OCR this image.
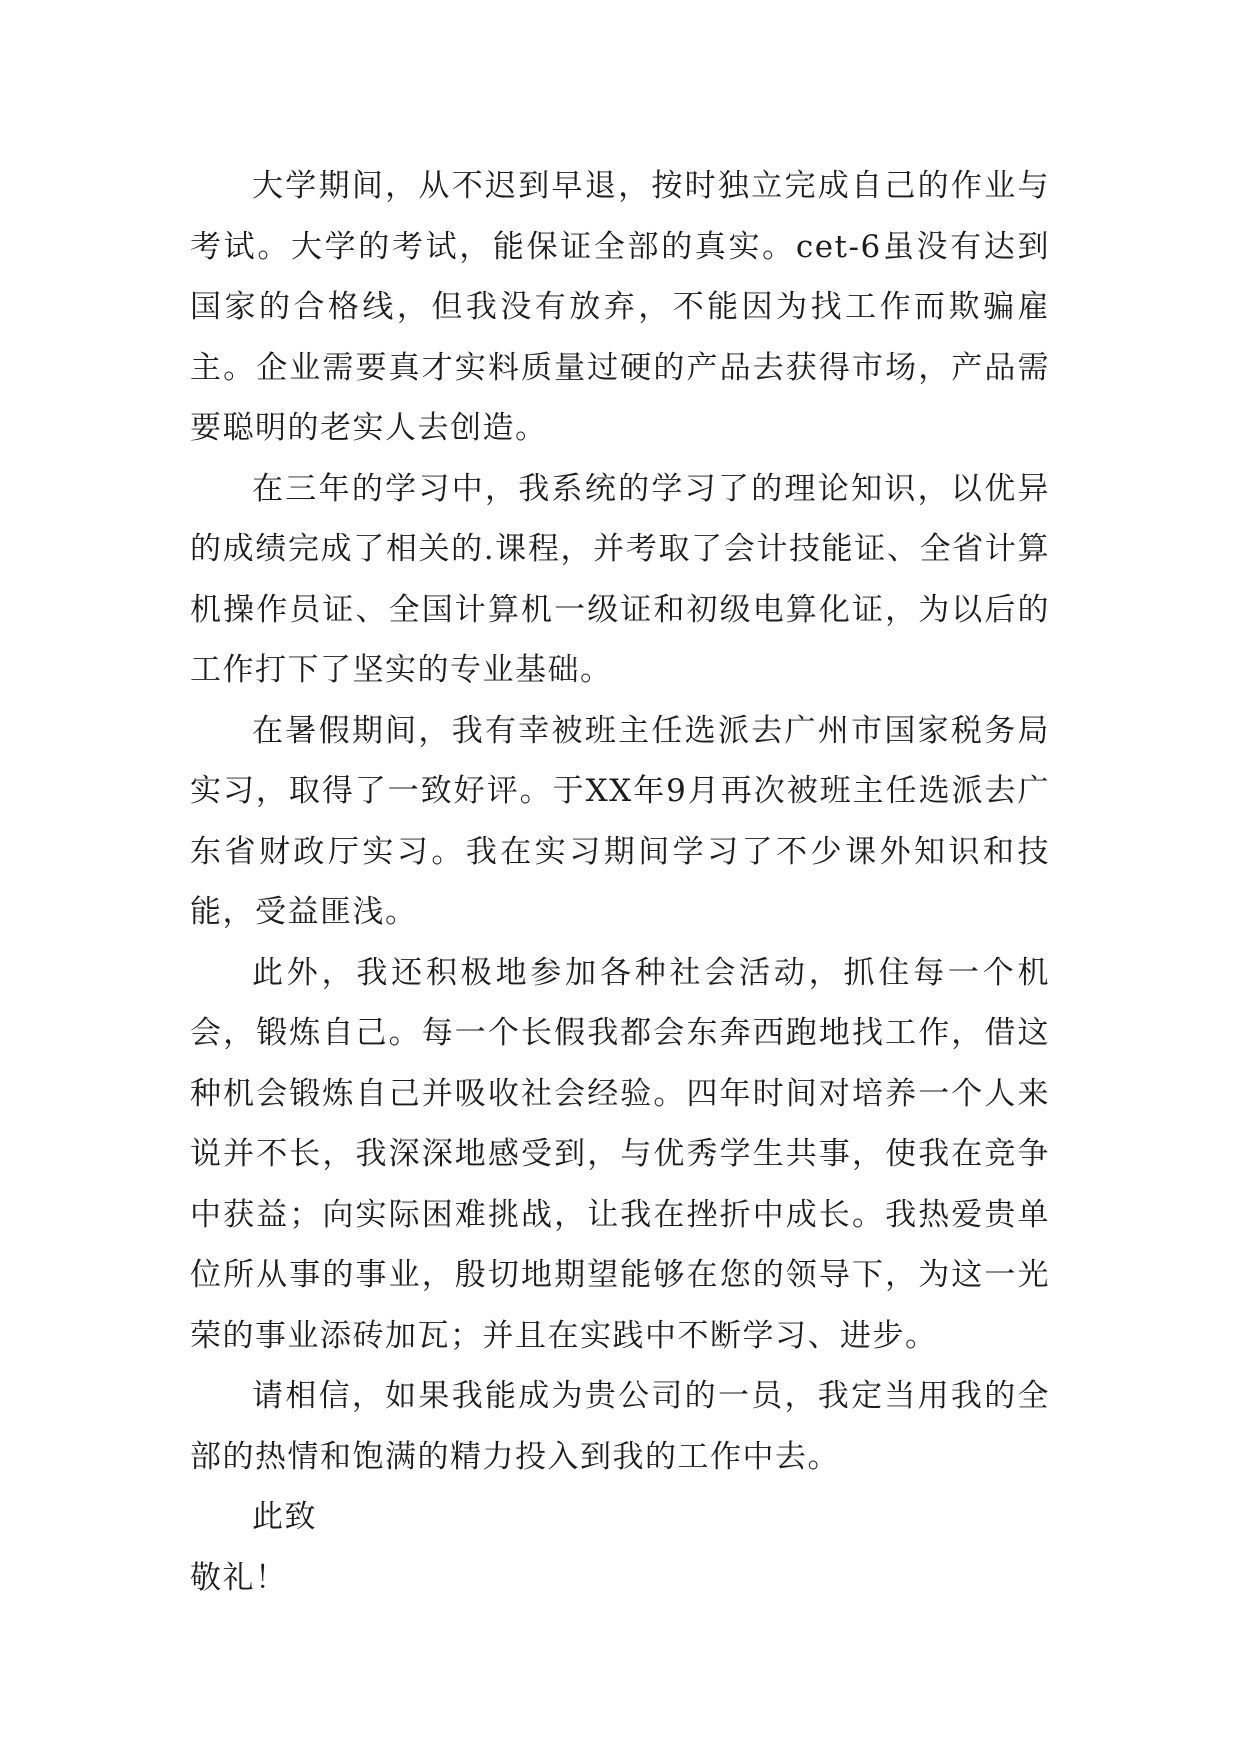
大学期间，从不迟到早退，按时独立完成自己的作业与考试。大学的考试，能保证全部的真实。cet-6虽没有达到国家的合格线，但我没有放弃，不能因为找工作而欺骗雇主。企业需要真才实料质量过硬的产品去获得市场，产品需要聪明的老实人去创造。

在三年的学习中，我系统的学习了的理论知识，以优异的成绩完成了相关的.课程，并考取了会计技能证、全省计算机操作员证、全国计算机一级证和初级电算化证，为以后的工作打下了坚实的专业基础。

在暑假期间，我有幸被班主任选派去广州市国家税务局实习，取得了一致好评。于XX年9月再次被班主任选派去广东省财政厅实习。我在实习期间学习了不少课外知识和技能，受益匪浅。

此外，我还积极地参加各种社会活动，抓住每一个机会，锻炼自己。每一个长假我都会东奔西跑地找工作，借这种机会锻炼自己并吸收社会经验。四年时间对培养一个人来说并不长，我深深地感受到，与优秀学生共事，使我在竞争中获益；向实际困难挑战，让我在挫折中成长。我热爱贵单位所从事的事业，殷切地期望能够在您的领导下，为这一光荣的事业添砖加瓦；并且在实践中不断学习、进步。

请相信，如果我能成为贵公司的一员，我定当用我的全部的热情和饱满的精力投入到我的工作中去。

此致

敬礼！
